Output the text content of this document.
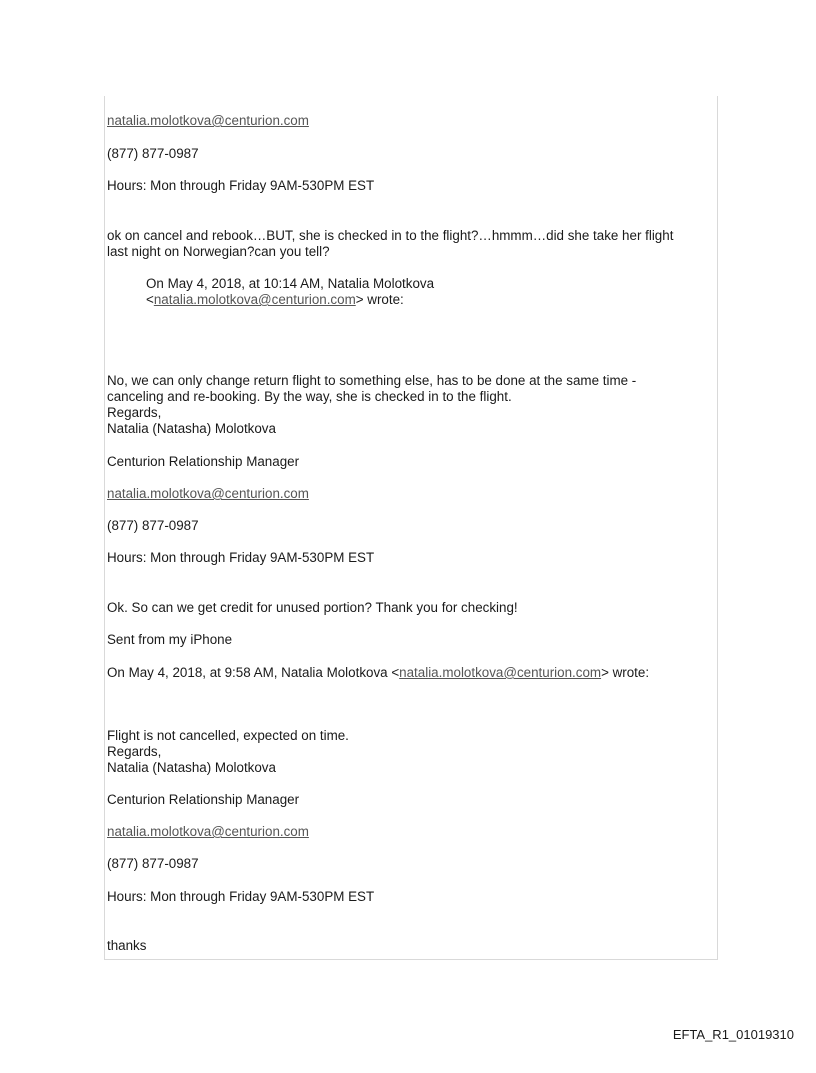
natalia.molotkova@centurion.com
(877) 877-0987
Hours: Mon through Friday 9AM-530PM EST
ok on cancel and rebook…BUT, she is checked in to the flight?…hmmm…did she take her flight
last night on Norwegian?can you tell?
On May 4, 2018, at 10:14 AM, Natalia Molotkova
<natalia.molotkova@centurion.com> wrote:
No, we can only change return flight to something else, has to be done at the same time -
canceling and re-booking. By the way, she is checked in to the flight.
Regards,
Natalia (Natasha) Molotkova
Centurion Relationship Manager
natalia.molotkova@centurion.com
(877) 877-0987
Hours: Mon through Friday 9AM-530PM EST
Ok. So can we get credit for unused portion? Thank you for checking!
Sent from my iPhone
On May 4, 2018, at 9:58 AM, Natalia Molotkova <natalia.molotkova@centurion.com> wrote:
Flight is not cancelled, expected on time.
Regards,
Natalia (Natasha) Molotkova
Centurion Relationship Manager
natalia.molotkova@centurion.com
(877) 877-0987
Hours: Mon through Friday 9AM-530PM EST
thanks
EFTA_R1_01019310
